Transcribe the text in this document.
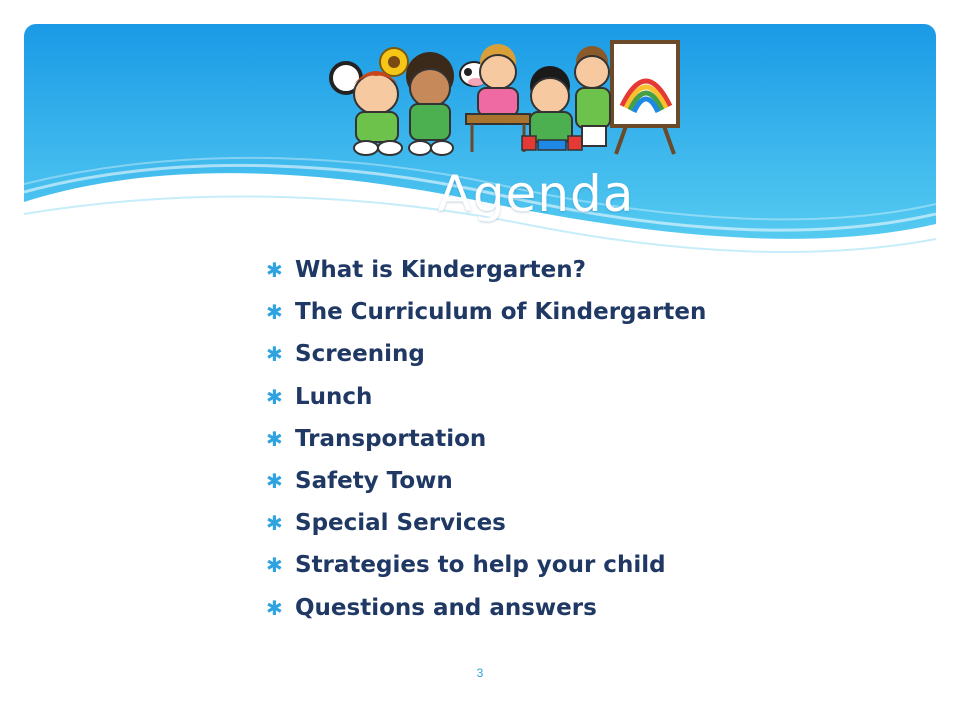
Agenda
✱ What is Kindergarten?
✱ The Curriculum of Kindergarten
✱ Screening
✱ Lunch
✱ Transportation
✱ Safety Town
✱ Special Services
✱ Strategies to help your child
✱ Questions and answers
3
